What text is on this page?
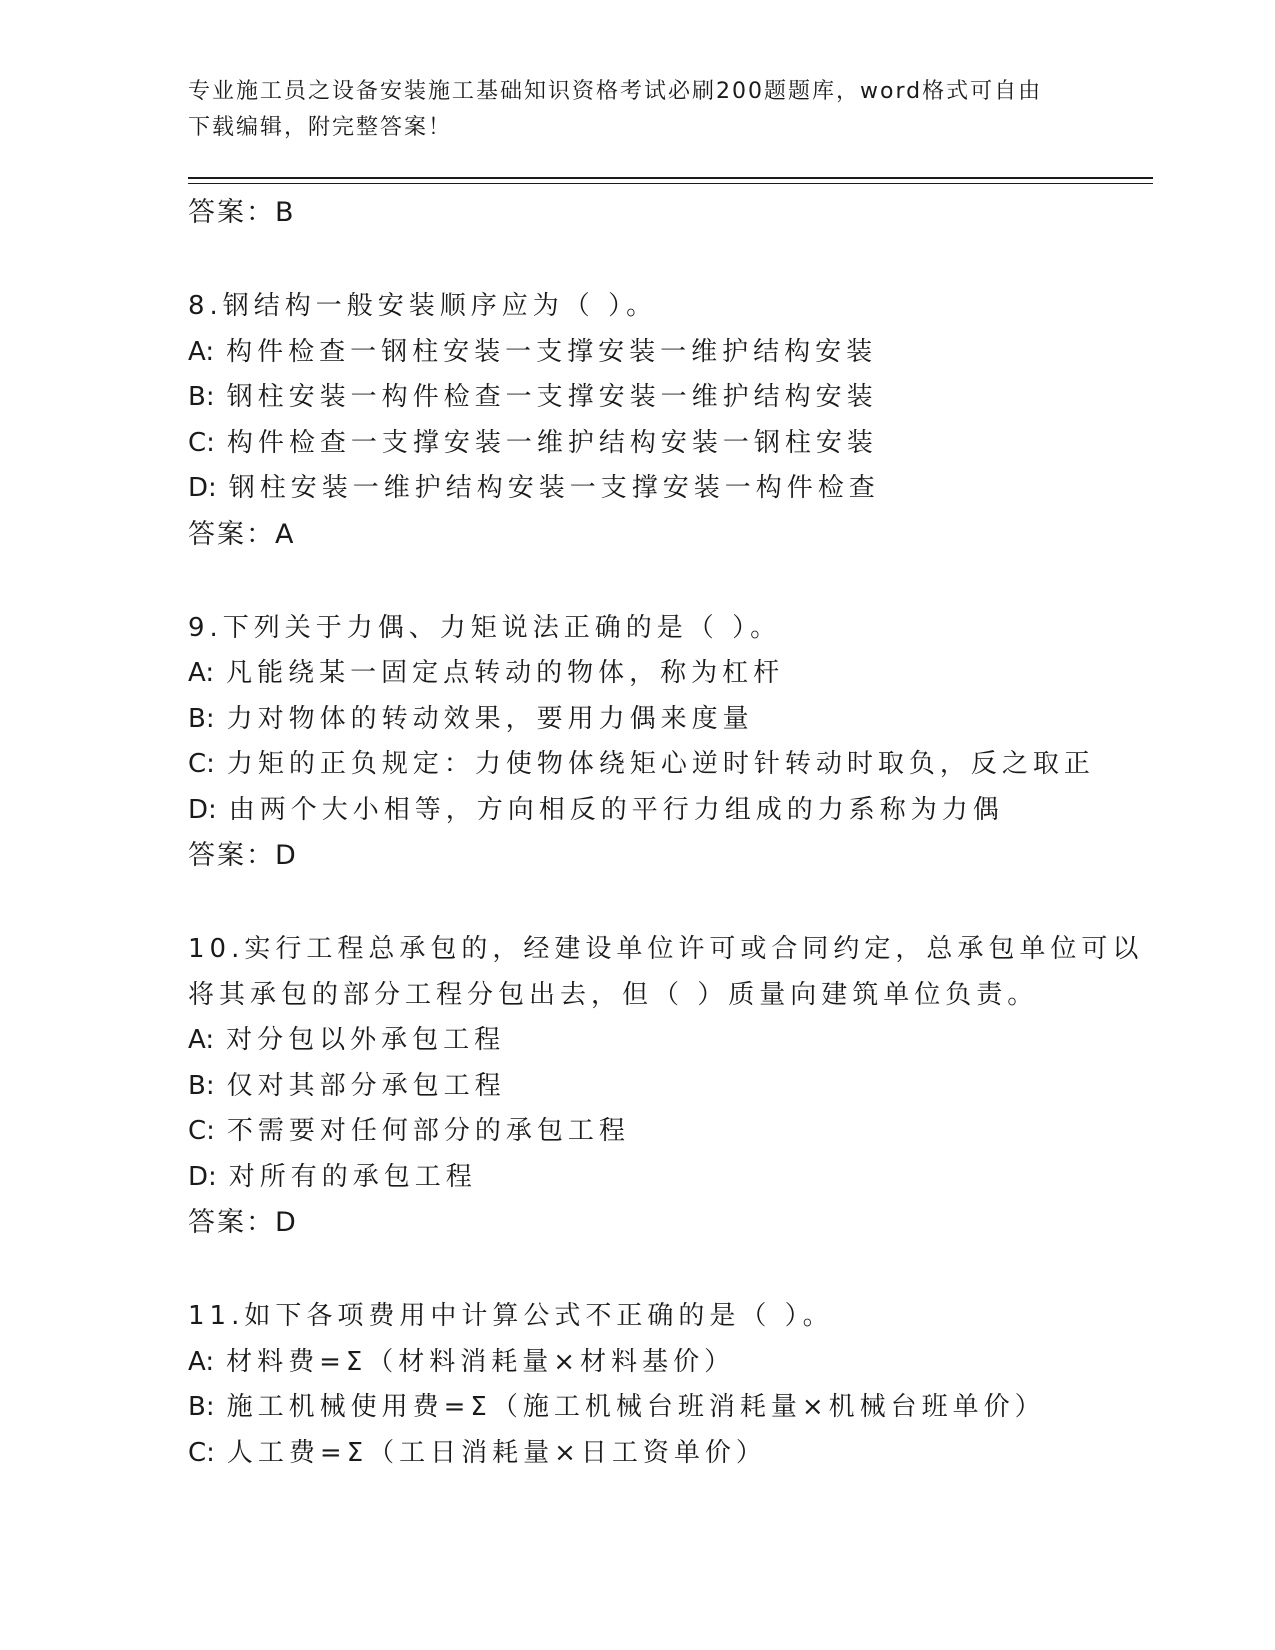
专业施工员之设备安装施工基础知识资格考试必刷200题题库，word格式可自由
下载编辑，附完整答案！
答案：B
8.钢结构一般安装顺序应为（ ）。
A: 构件检查一钢柱安装一支撑安装一维护结构安装
B: 钢柱安装一构件检查一支撑安装一维护结构安装
C: 构件检查一支撑安装一维护结构安装一钢柱安装
D: 钢柱安装一维护结构安装一支撑安装一构件检查
答案：A
9.下列关于力偶、力矩说法正确的是（ ）。
A: 凡能绕某一固定点转动的物体，称为杠杆
B: 力对物体的转动效果，要用力偶来度量
C: 力矩的正负规定：力使物体绕矩心逆时针转动时取负，反之取正
D: 由两个大小相等，方向相反的平行力组成的力系称为力偶
答案：D
10.实行工程总承包的，经建设单位许可或合同约定，总承包单位可以
将其承包的部分工程分包出去，但（ ）质量向建筑单位负责。
A: 对分包以外承包工程
B: 仅对其部分承包工程
C: 不需要对任何部分的承包工程
D: 对所有的承包工程
答案：D
11.如下各项费用中计算公式不正确的是（ ）。
A: 材料费=Σ（材料消耗量×材料基价）
B: 施工机械使用费=Σ（施工机械台班消耗量×机械台班单价）
C: 人工费=Σ（工日消耗量×日工资单价）
